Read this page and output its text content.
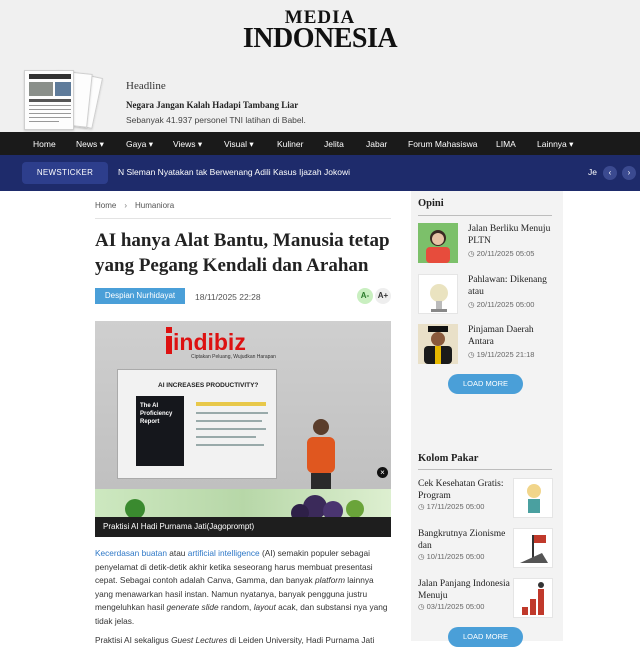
MEDIA
INDONESIA
Headline
Negara Jangan Kalah Hadapi Tambang Liar
Sebanyak 41.937 personel TNI latihan di Babel.
Home News ▾	Gaya ▾ Views ▾	Visual ▾	Kuliner Jelita	Jabar Forum Mahasiswa LIMA Lainnya ▾
NEWSTICKER	N Sleman Nyatakan tak Berwenang Adili Kasus Ijazah Jokowi	Je	‹	›
Home › Humaniora
AI hanya Alat Bantu, Manusia tetap yang Pegang Kendali dan Arahan
Despian Nurhidayat	18/11/2025 22:28	A-	A+
indibiz
Ciptakan Peluang, Wujudkan Harapan
AI INCREASES PRODUCTIVITY?
The AI Proficiency Report
×
Praktisi AI Hadi Purnama Jati(Jagoprompt)

Kecerdasan buatan atau artificial intelligence (AI) semakin populer sebagai penyelamat di detik-detik akhir ketika seseorang harus membuat presentasi cepat. Sebagai contoh adalah Canva, Gamma, dan banyak platform lainnya yang menawarkan hasil instan. Namun nyatanya, banyak pengguna justru mengeluhkan hasil generate slide random, layout acak, dan substansi nya yang tidak jelas.

Praktisi AI sekaligus Guest Lectures di Leiden University, Hadi Purnama Jati

Opini
Jalan Berliku Menuju PLTN
◷ 20/11/2025 05:05
Pahlawan: Dikenang atau
◷ 20/11/2025 05:00
Pinjaman Daerah Antara
◷ 19/11/2025 21:18
LOAD MORE
Kolom Pakar
Cek Kesehatan Gratis: Program
◷ 17/11/2025 05:00
Bangkrutnya Zionisme dan
◷ 10/11/2025 05:00
Jalan Panjang Indonesia Menuju
◷ 03/11/2025 05:00
LOAD MORE
